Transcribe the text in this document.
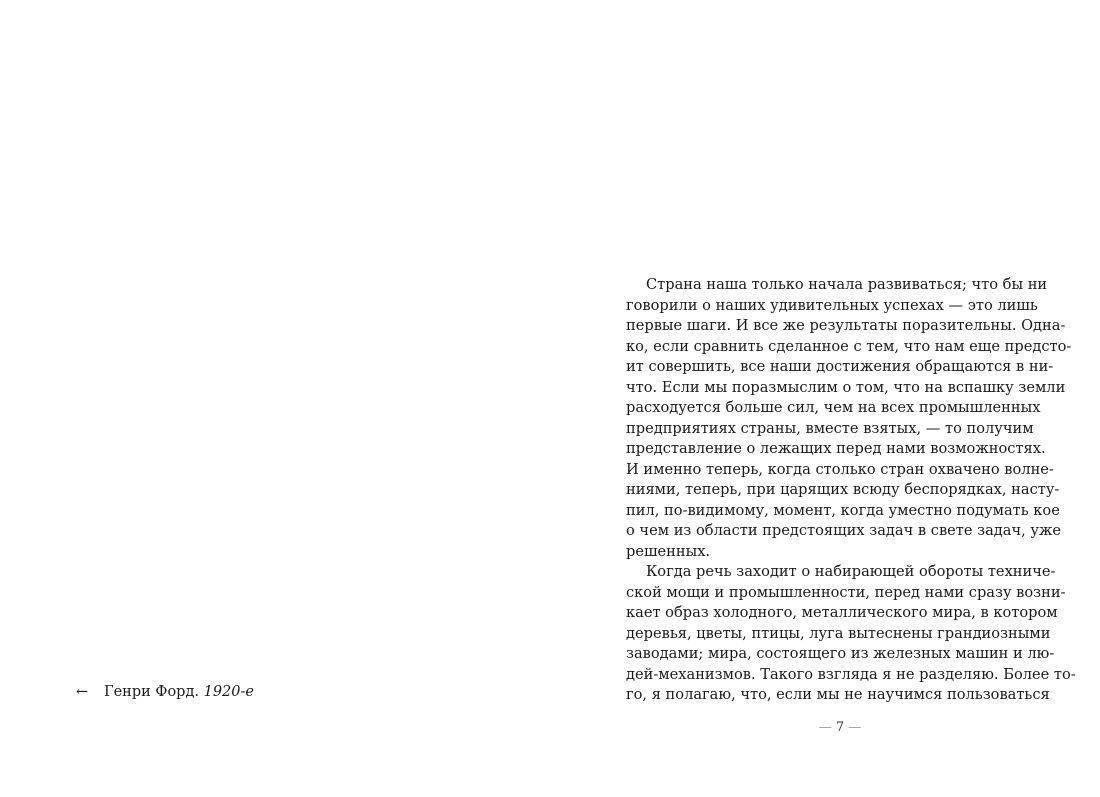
← Генри Форд. 1920-е

Страна наша только начала развиваться; что бы ни
говорили о наших удивительных успехах — это лишь
первые шаги. И все же результаты поразительны. Одна-
ко, если сравнить сделанное с тем, что нам еще предсто-
ит совершить, все наши достижения обращаются в ни-
что. Если мы поразмыслим о том, что на вспашку земли
расходуется больше сил, чем на всех промышленных
предприятиях страны, вместе взятых, — то получим
представление о лежащих перед нами возможностях.
И именно теперь, когда столько стран охвачено волне-
ниями, теперь, при царящих всюду беспорядках, насту-
пил, по-видимому, момент, когда уместно подумать кое
о чем из области предстоящих задач в свете задач, уже
решенных.
Когда речь заходит о набирающей обороты техниче-
ской мощи и промышленности, перед нами сразу возни-
кает образ холодного, металлического мира, в котором
деревья, цветы, птицы, луга вытеснены грандиозными
заводами; мира, состоящего из железных машин и лю-
дей-механизмов. Такого взгляда я не разделяю. Более то-
го, я полагаю, что, если мы не научимся пользоваться

— 7 —
